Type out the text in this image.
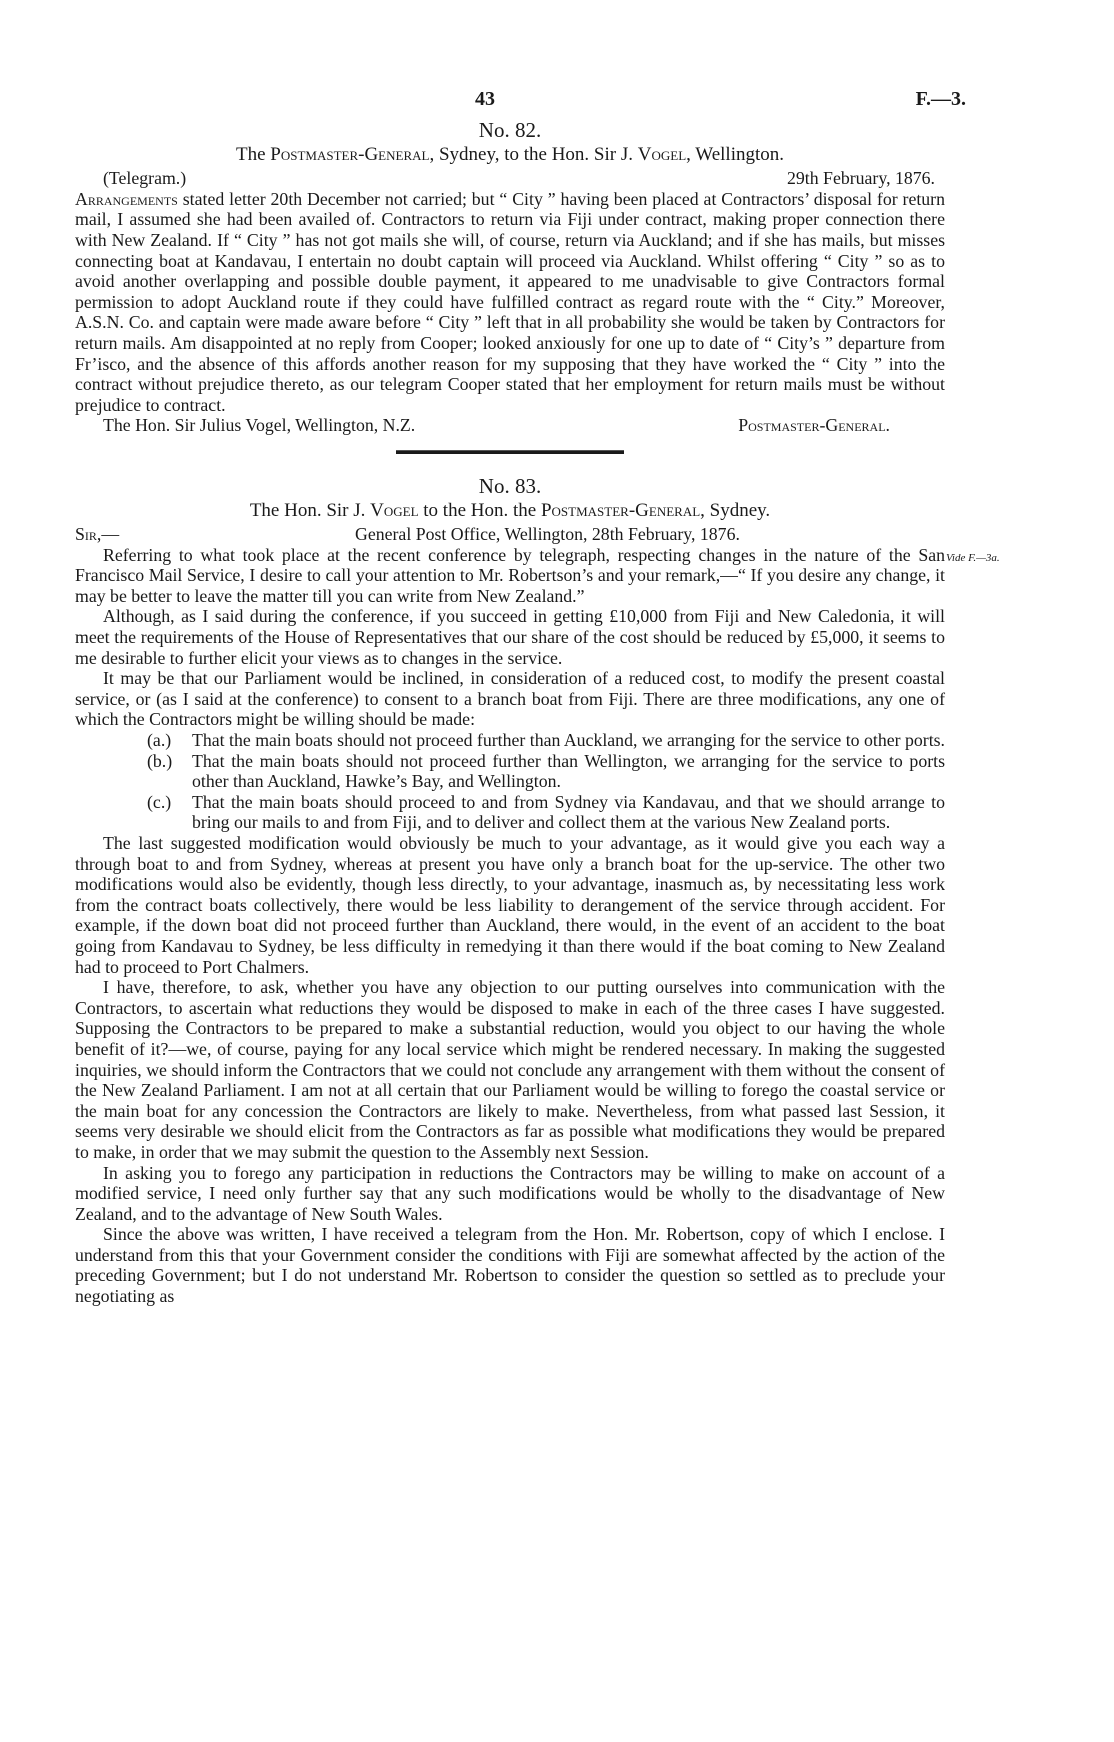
43	F.—3.
No. 82.
The Postmaster-General, Sydney, to the Hon. Sir J. Vogel, Wellington.
(Telegram.)	29th February, 1876.

Arrangements stated letter 20th December not carried; but “ City ” having been placed at Contractors’ disposal for return mail, I assumed she had been availed of. Contractors to return via Fiji under contract, making proper connection there with New Zealand. If “ City ” has not got mails she will, of course, return via Auckland; and if she has mails, but misses connecting boat at Kandavau, I entertain no doubt captain will proceed via Auckland. Whilst offering “ City ” so as to avoid another overlapping and possible double payment, it appeared to me unadvisable to give Contractors formal permission to adopt Auckland route if they could have fulfilled contract as regard route with the “ City.” Moreover, A.S.N. Co. and captain were made aware before “ City ” left that in all probability she would be taken by Contractors for return mails. Am disappointed at no reply from Cooper; looked anxiously for one up to date of “ City’s ” departure from Fr’isco, and the absence of this affords another reason for my supposing that they have worked the “ City ” into the contract without prejudice thereto, as our telegram Cooper stated that her employment for return mails must be without prejudice to contract.

The Hon. Sir Julius Vogel, Wellington, N.Z.	Postmaster-General.
No. 83.
The Hon. Sir J. Vogel to the Hon. the Postmaster-General, Sydney.
Sir,—	General Post Office, Wellington, 28th February, 1876.
Vide F.—3a.

Referring to what took place at the recent conference by telegraph, respecting changes in the nature of the San Francisco Mail Service, I desire to call your attention to Mr. Robertson’s and your remark,—“ If you desire any change, it may be better to leave the matter till you can write from New Zealand.”

Although, as I said during the conference, if you succeed in getting £10,000 from Fiji and New Caledonia, it will meet the requirements of the House of Representatives that our share of the cost should be reduced by £5,000, it seems to me desirable to further elicit your views as to changes in the service.

It may be that our Parliament would be inclined, in consideration of a reduced cost, to modify the present coastal service, or (as I said at the conference) to consent to a branch boat from Fiji. There are three modifications, any one of which the Contractors might be willing should be made:

(a.) That the main boats should not proceed further than Auckland, we arranging for the service to other ports.
(b.) That the main boats should not proceed further than Wellington, we arranging for the service to ports other than Auckland, Hawke’s Bay, and Wellington.
(c.) That the main boats should proceed to and from Sydney via Kandavau, and that we should arrange to bring our mails to and from Fiji, and to deliver and collect them at the various New Zealand ports.

The last suggested modification would obviously be much to your advantage, as it would give you each way a through boat to and from Sydney, whereas at present you have only a branch boat for the up-service. The other two modifications would also be evidently, though less directly, to your advantage, inasmuch as, by necessitating less work from the contract boats collectively, there would be less liability to derangement of the service through accident. For example, if the down boat did not proceed further than Auckland, there would, in the event of an accident to the boat going from Kandavau to Sydney, be less difficulty in remedying it than there would if the boat coming to New Zealand had to proceed to Port Chalmers.

I have, therefore, to ask, whether you have any objection to our putting ourselves into communication with the Contractors, to ascertain what reductions they would be disposed to make in each of the three cases I have suggested. Supposing the Contractors to be prepared to make a substantial reduction, would you object to our having the whole benefit of it?—we, of course, paying for any local service which might be rendered necessary. In making the suggested inquiries, we should inform the Contractors that we could not conclude any arrangement with them without the consent of the New Zealand Parliament. I am not at all certain that our Parliament would be willing to forego the coastal service or the main boat for any concession the Contractors are likely to make. Nevertheless, from what passed last Session, it seems very desirable we should elicit from the Contractors as far as possible what modifications they would be prepared to make, in order that we may submit the question to the Assembly next Session.

In asking you to forego any participation in reductions the Contractors may be willing to make on account of a modified service, I need only further say that any such modifications would be wholly to the disadvantage of New Zealand, and to the advantage of New South Wales.

Since the above was written, I have received a telegram from the Hon. Mr. Robertson, copy of which I enclose. I understand from this that your Government consider the conditions with Fiji are somewhat affected by the action of the preceding Government; but I do not understand Mr. Robertson to consider the question so settled as to preclude your negotiating as
